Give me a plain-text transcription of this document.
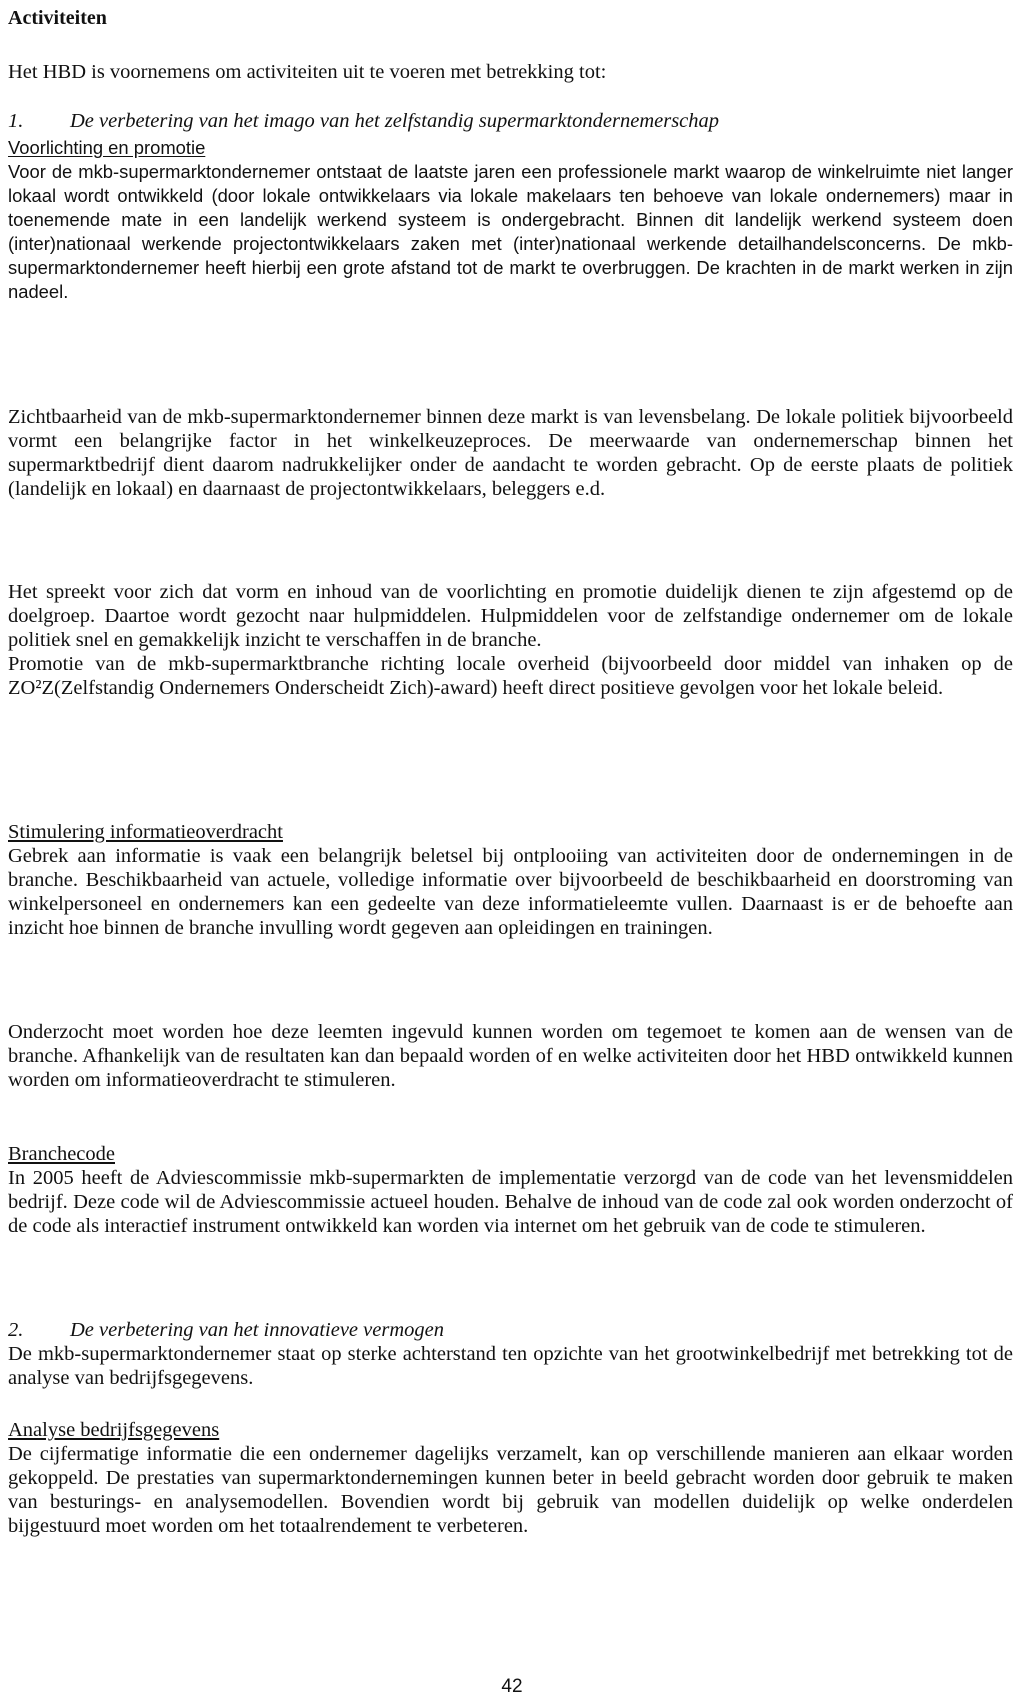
Activiteiten

Het HBD is voornemens om activiteiten uit te voeren met betrekking tot:

1. De verbetering van het imago van het zelfstandig supermarktondernemerschap
Voorlichting en promotie

Voor de mkb-supermarktondernemer ontstaat de laatste jaren een professionele markt waarop de winkelruimte niet langer lokaal wordt ontwikkeld (door lokale ontwikkelaars via lokale makelaars ten behoeve van lokale ondernemers) maar in toenemende mate in een landelijk werkend systeem is ondergebracht. Binnen dit landelijk werkend systeem doen (inter)nationaal werkende projectontwikkelaars zaken met (inter)nationaal werkende detailhandelsconcerns. De mkb-supermarktondernemer heeft hierbij een grote afstand tot de markt te overbruggen. De krachten in de markt werken in zijn nadeel.

Zichtbaarheid van de mkb-supermarktondernemer binnen deze markt is van levensbelang. De lokale politiek bijvoorbeeld vormt een belangrijke factor in het winkelkeuzeproces. De meerwaarde van ondernemerschap binnen het supermarktbedrijf dient daarom nadrukkelijker onder de aandacht te worden gebracht. Op de eerste plaats de politiek (landelijk en lokaal) en daarnaast de projectontwikkelaars, beleggers e.d.

Het spreekt voor zich dat vorm en inhoud van de voorlichting en promotie duidelijk dienen te zijn afgestemd op de doelgroep. Daartoe wordt gezocht naar hulpmiddelen. Hulpmiddelen voor de zelfstandige ondernemer om de lokale politiek snel en gemakkelijk inzicht te verschaffen in de branche.

Promotie van de mkb-supermarktbranche richting locale overheid (bijvoorbeeld door middel van inhaken op de ZO²Z(Zelfstandig Ondernemers Onderscheidt Zich)-award) heeft direct positieve gevolgen voor het lokale beleid.

Stimulering informatieoverdracht

Gebrek aan informatie is vaak een belangrijk beletsel bij ontplooiing van activiteiten door de ondernemingen in de branche. Beschikbaarheid van actuele, volledige informatie over bijvoorbeeld de beschikbaarheid en doorstroming van winkelpersoneel en ondernemers kan een gedeelte van deze informatieleemte vullen. Daarnaast is er de behoefte aan inzicht hoe binnen de branche invulling wordt gegeven aan opleidingen en trainingen.

Onderzocht moet worden hoe deze leemten ingevuld kunnen worden om tegemoet te komen aan de wensen van de branche. Afhankelijk van de resultaten kan dan bepaald worden of en welke activiteiten door het HBD ontwikkeld kunnen worden om informatieoverdracht te stimuleren.

Branchecode

In 2005 heeft de Adviescommissie mkb-supermarkten de implementatie verzorgd van de code van het levensmiddelen bedrijf. Deze code wil de Adviescommissie actueel houden. Behalve de inhoud van de code zal ook worden onderzocht of de code als interactief instrument ontwikkeld kan worden via internet om het gebruik van de code te stimuleren.

2. De verbetering van het innovatieve vermogen

De mkb-supermarktondernemer staat op sterke achterstand ten opzichte van het grootwinkelbedrijf met betrekking tot de analyse van bedrijfsgegevens.

Analyse bedrijfsgegevens

De cijfermatige informatie die een ondernemer dagelijks verzamelt, kan op verschillende manieren aan elkaar worden gekoppeld. De prestaties van supermarktondernemingen kunnen beter in beeld gebracht worden door gebruik te maken van besturings- en analysemodellen. Bovendien wordt bij gebruik van modellen duidelijk op welke onderdelen bijgestuurd moet worden om het totaalrendement te verbeteren.

42
